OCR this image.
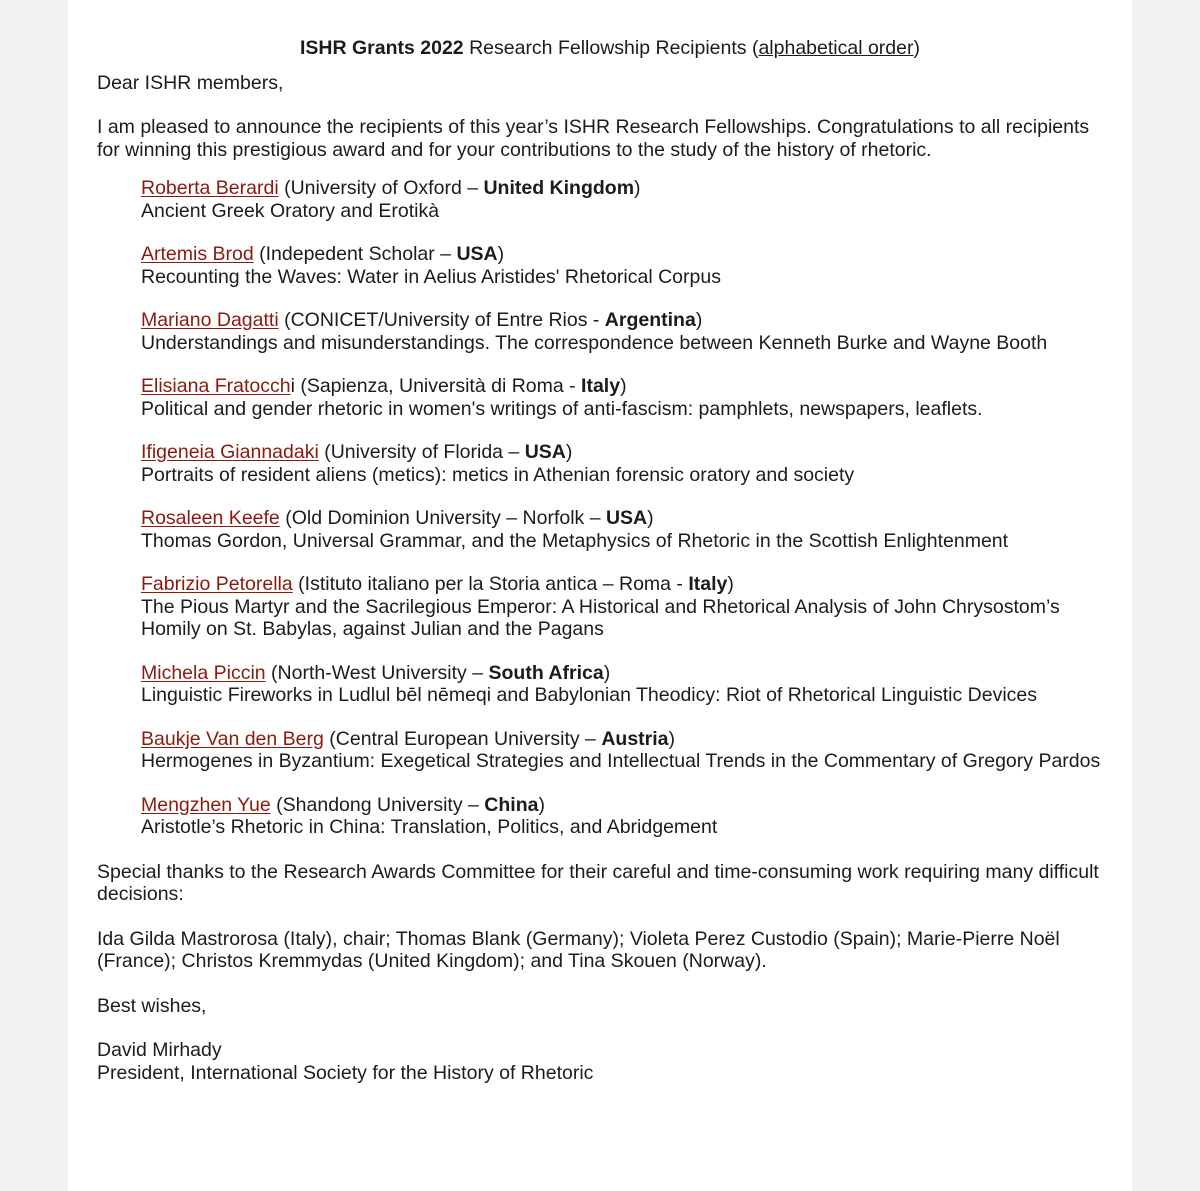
ISHR Grants 2022 Research Fellowship Recipients (alphabetical order)

Dear ISHR members,

I am pleased to announce the recipients of this year’s ISHR Research Fellowships. Congratulations to all recipients for winning this prestigious award and for your contributions to the study of the history of rhetoric.

Roberta Berardi (University of Oxford – United Kingdom)
Ancient Greek Oratory and Erotikà
Artemis Brod (Indepedent Scholar – USA)
Recounting the Waves: Water in Aelius Aristides' Rhetorical Corpus
Mariano Dagatti (CONICET/University of Entre Rios - Argentina)
Understandings and misunderstandings. The correspondence between Kenneth Burke and Wayne Booth
Elisiana Fratocchi (Sapienza, Università di Roma - Italy)
Political and gender rhetoric in women's writings of anti-fascism: pamphlets, newspapers, leaflets.
Ifigeneia Giannadaki (University of Florida – USA)
Portraits of resident aliens (metics): metics in Athenian forensic oratory and society
Rosaleen Keefe (Old Dominion University – Norfolk – USA)
Thomas Gordon, Universal Grammar, and the Metaphysics of Rhetoric in the Scottish Enlightenment
Fabrizio Petorella (Istituto italiano per la Storia antica – Roma - Italy)
The Pious Martyr and the Sacrilegious Emperor: A Historical and Rhetorical Analysis of John Chrysostom’s Homily on St. Babylas, against Julian and the Pagans
Michela Piccin (North-West University – South Africa)
Linguistic Fireworks in Ludlul bēl nēmeqi and Babylonian Theodicy: Riot of Rhetorical Linguistic Devices
Baukje Van den Berg (Central European University – Austria)
Hermogenes in Byzantium: Exegetical Strategies and Intellectual Trends in the Commentary of Gregory Pardos
Mengzhen Yue (Shandong University – China)
Aristotle’s Rhetoric in China: Translation, Politics, and Abridgement

Special thanks to the Research Awards Committee for their careful and time-consuming work requiring many difficult decisions:

Ida Gilda Mastrorosa (Italy), chair; Thomas Blank (Germany); Violeta Perez Custodio (Spain); Marie-Pierre Noël (France); Christos Kremmydas (United Kingdom); and Tina Skouen (Norway).

Best wishes,

David Mirhady

President, International Society for the History of Rhetoric
